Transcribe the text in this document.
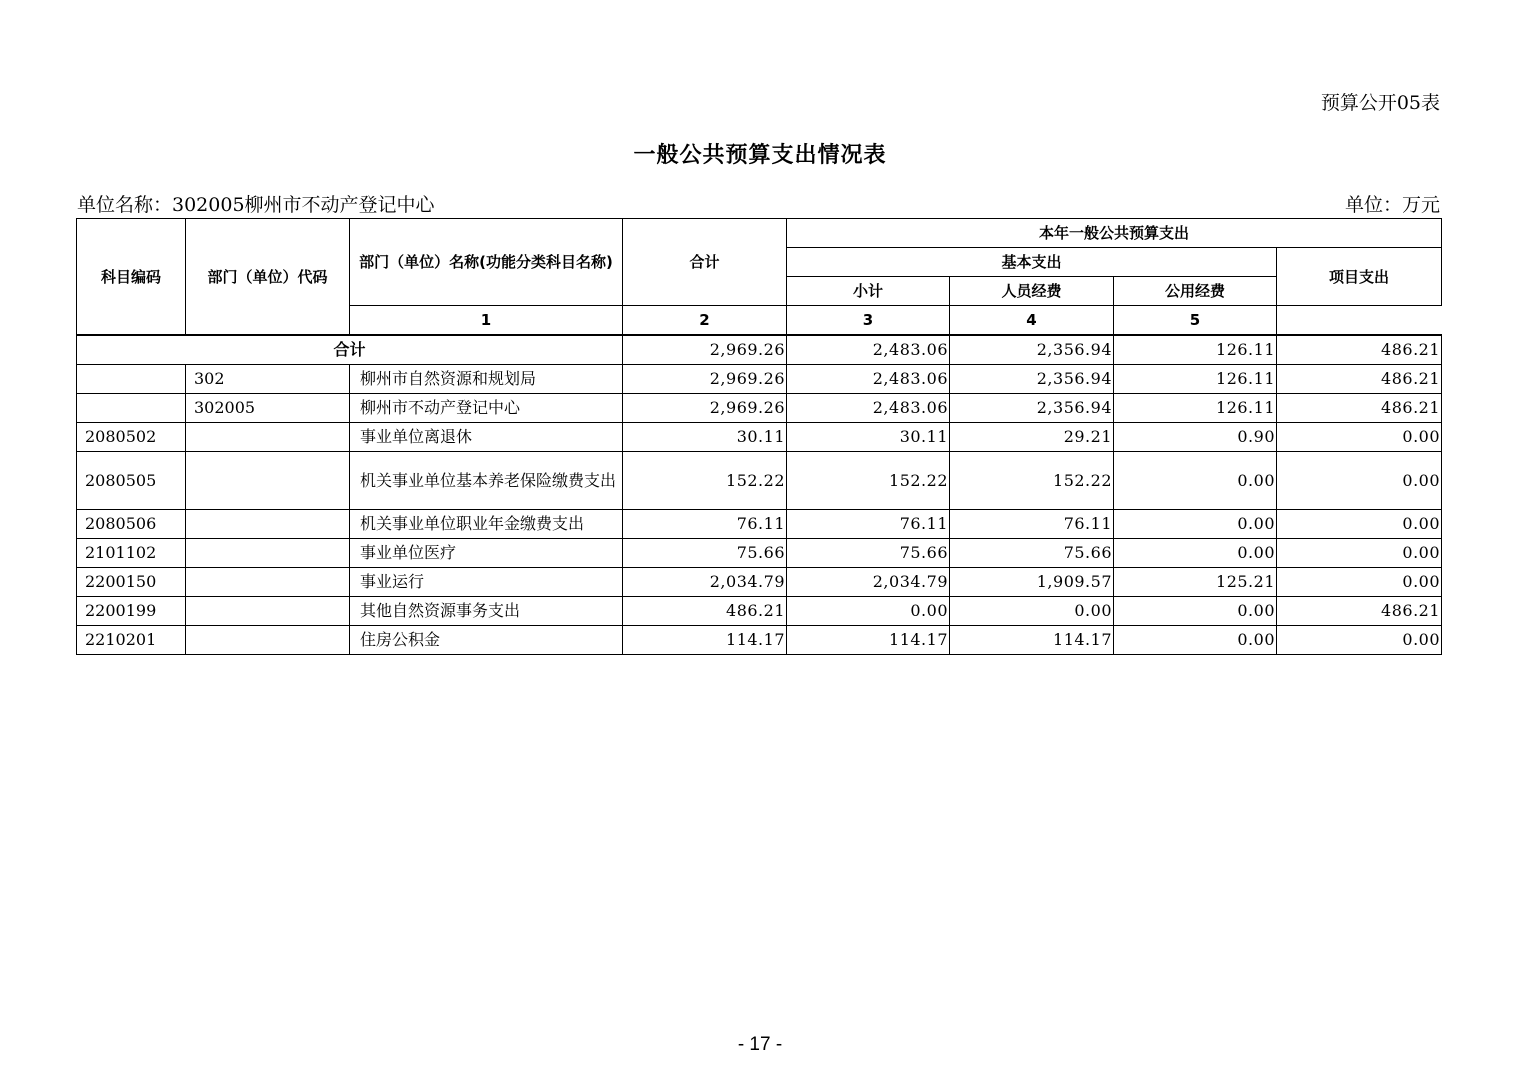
预算公开05表
一般公共预算支出情况表
单位名称：302005柳州市不动产登记中心	单位：万元
科目编码	部门（单位）代码	部门（单位）名称(功能分类科目名称)	合计	本年一般公共预算支出			
				基本支出			项目支出
				小计	人员经费	公用经费	
		1	2	3	4	5	
合计			2,969.26	2,483.06	2,356.94	126.11	486.21
	302	柳州市自然资源和规划局	2,969.26	2,483.06	2,356.94	126.11	486.21
	302005	柳州市不动产登记中心	2,969.26	2,483.06	2,356.94	126.11	486.21
2080502		事业单位离退休	30.11	30.11	29.21	0.90	0.00
2080505		机关事业单位基本养老保险缴费支出	152.22	152.22	152.22	0.00	0.00
2080506		机关事业单位职业年金缴费支出	76.11	76.11	76.11	0.00	0.00
2101102		事业单位医疗	75.66	75.66	75.66	0.00	0.00
2200150		事业运行	2,034.79	2,034.79	1,909.57	125.21	0.00
2200199		其他自然资源事务支出	486.21	0.00	0.00	0.00	486.21
2210201		住房公积金	114.17	114.17	114.17	0.00	0.00
- 17 -
